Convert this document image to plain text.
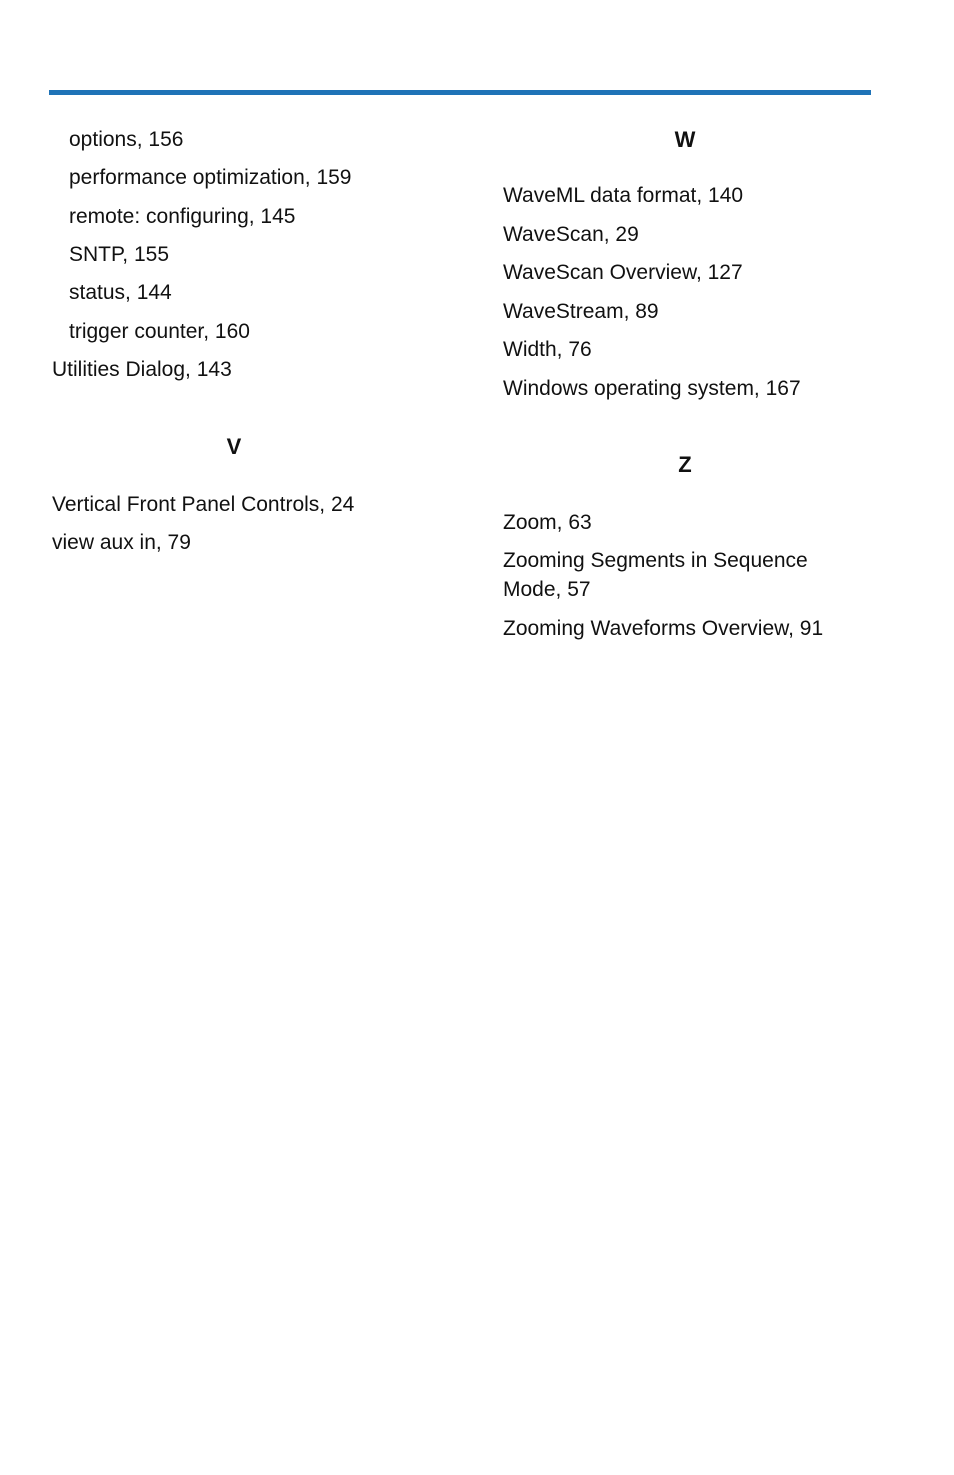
options, 156
performance optimization, 159
remote: configuring, 145
SNTP, 155
status, 144
trigger counter, 160
Utilities Dialog, 143
V
Vertical Front Panel Controls, 24
view aux in, 79
W
WaveML data format, 140
WaveScan, 29
WaveScan Overview, 127
WaveStream, 89
Width, 76
Windows operating system, 167
Z
Zoom, 63
Zooming Segments in Sequence Mode, 57
Zooming Waveforms Overview, 91
